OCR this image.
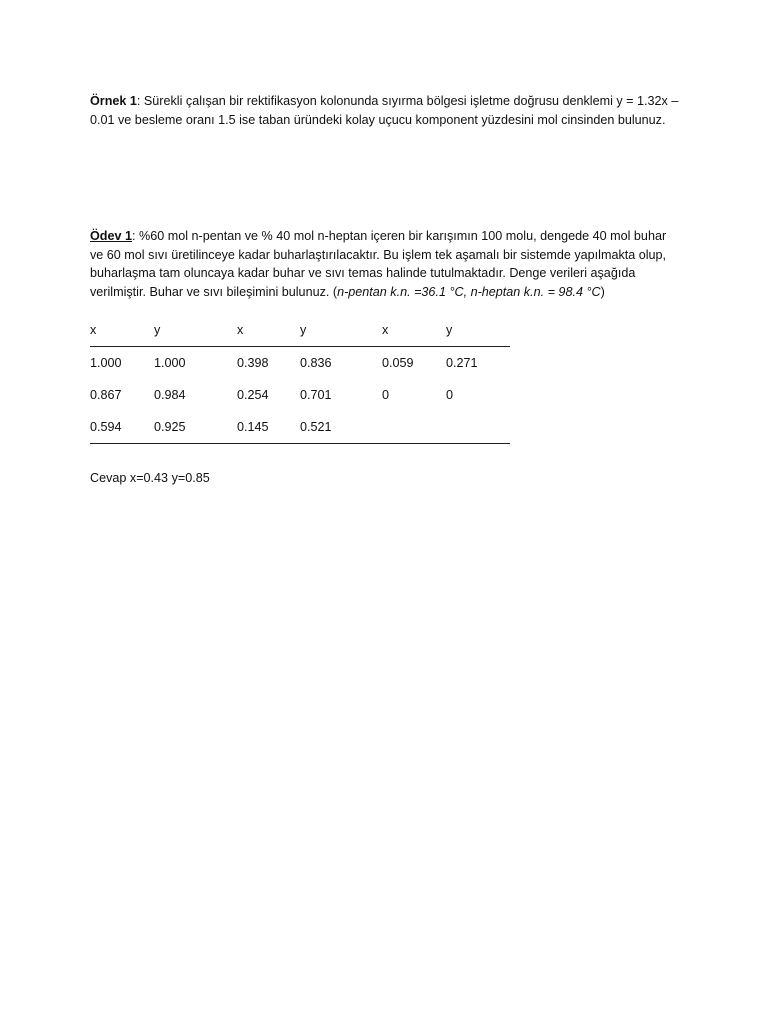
Örnek 1: Sürekli çalışan bir rektifikasyon kolonunda sıyırma bölgesi işletme doğrusu denklemi y = 1.32x –
0.01 ve besleme oranı 1.5 ise taban üründeki kolay uçucu komponent yüzdesini mol cinsinden bulunuz.

Ödev 1: %60 mol n-pentan ve % 40 mol n-heptan içeren bir karışımın 100 molu, dengede 40 mol buhar
ve 60 mol sıvı üretilinceye kadar buharlaştırılacaktır. Bu işlem tek aşamalı bir sistemde yapılmakta olup,
buharlaşma tam oluncaya kadar buhar ve sıvı temas halinde tutulmaktadır. Denge verileri aşağıda
verilmiştir. Buhar ve sıvı bileşimini bulunuz. (n-pentan k.n. =36.1 °C, n-heptan k.n. = 98.4 °C)

x	y	x	y	x	y
1.000	1.000	0.398	0.836	0.059	0.271
0.867	0.984	0.254	0.701	0	0
0.594	0.925	0.145	0.521		

Cevap x=0.43 y=0.85
